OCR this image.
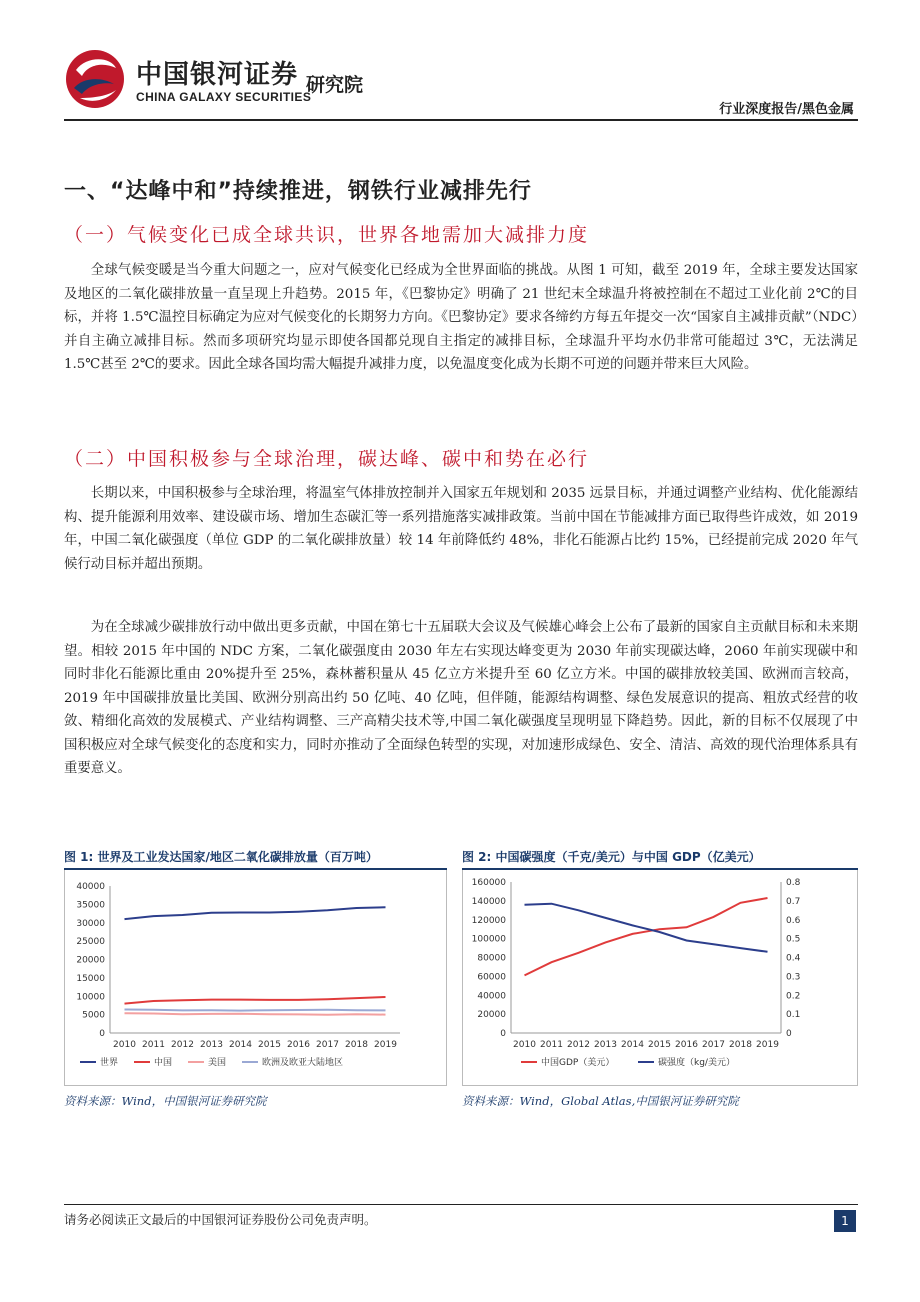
中国银河证券
CHINA GALAXY SECURITIES
研究院
行业深度报告/黑色金属
一、“达峰中和”持续推进，钢铁行业减排先行
（一）气候变化已成全球共识，世界各地需加大减排力度
全球气候变暖是当今重大问题之一，应对气候变化已经成为全世界面临的挑战。从图 1 可知，截至 2019 年，全球主要发达国家及地区的二氧化碳排放量一直呈现上升趋势。2015 年，《巴黎协定》明确了 21 世纪末全球温升将被控制在不超过工业化前 2℃的目标，并将 1.5℃温控目标确定为应对气候变化的长期努力方向。《巴黎协定》要求各缔约方每五年提交一次“国家自主减排贡献”（NDC）并自主确立减排目标。然而多项研究均显示即使各国都兑现自主指定的减排目标，全球温升平均水仍非常可能超过 3℃，无法满足 1.5℃甚至 2℃的要求。因此全球各国均需大幅提升减排力度，以免温度变化成为长期不可逆的问题并带来巨大风险。
（二）中国积极参与全球治理，碳达峰、碳中和势在必行
长期以来，中国积极参与全球治理，将温室气体排放控制并入国家五年规划和 2035 远景目标，并通过调整产业结构、优化能源结构、提升能源利用效率、建设碳市场、增加生态碳汇等一系列措施落实减排政策。当前中国在节能减排方面已取得些许成效，如 2019 年，中国二氧化碳强度（单位 GDP 的二氧化碳排放量）较 14 年前降低约 48%，非化石能源占比约 15%，已经提前完成 2020 年气候行动目标并超出预期。
为在全球减少碳排放行动中做出更多贡献，中国在第七十五届联大会议及气候雄心峰会上公布了最新的国家自主贡献目标和未来期望。相较 2015 年中国的 NDC 方案，二氧化碳强度由 2030 年左右实现达峰变更为 2030 年前实现碳达峰，2060 年前实现碳中和同时非化石能源比重由 20%提升至 25%，森林蓄积量从 45 亿立方米提升至 60 亿立方米。中国的碳排放较美国、欧洲而言较高，2019 年中国碳排放量比美国、欧洲分别高出约 50 亿吨、40 亿吨，但伴随，能源结构调整、绿色发展意识的提高、粗放式经营的收敛、精细化高效的发展模式、产业结构调整、三产高精尖技术等,中国二氧化碳强度呈现明显下降趋势。因此，新的目标不仅展现了中国积极应对全球气候变化的态度和实力，同时亦推动了全面绿色转型的实现，对加速形成绿色、安全、清洁、高效的现代治理体系具有重要意义。
图 1: 世界及工业发达国家/地区二氧化碳排放量（百万吨）
0
5000
10000
15000
20000
25000
30000
35000
40000
2010 2011 2012 2013 2014 2015 2016 2017 2018 2019
世界	中国	美国	欧洲及欧亚大陆地区
资料来源：Wind，中国银河证券研究院
图 2: 中国碳强度（千克/美元）与中国 GDP（亿美元）
0
20000
40000
60000
80000
100000
120000
140000
160000
0
0.1
0.2
0.3
0.4
0.5
0.6
0.7
0.8
2010 2011 2012 2013 2014 2015 2016 2017 2018 2019
中国GDP（美元）	碳强度（kg/美元）
资料来源：Wind，Global Atlas,中国银河证券研究院
请务必阅读正文最后的中国银河证券股份公司免责声明。	1
